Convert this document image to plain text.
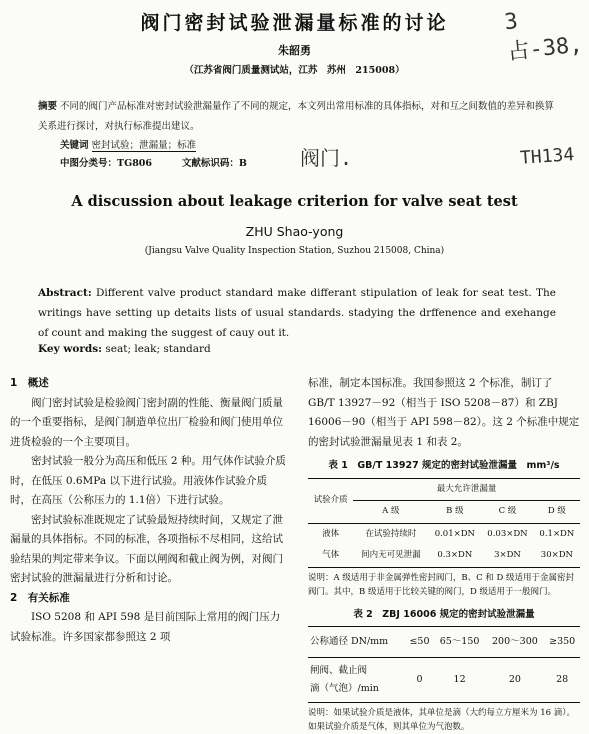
阀门密封试验泄漏量标准的讨论	3占-38,
朱韶勇
（江苏省阀门质量测试站，江苏　苏州　215008）
摘要 不同的阀门产品标准对密封试验泄漏量作了不同的规定，本文列出常用标准的具体指标，对和互之间数值的差异和换算关系进行探讨，对执行标准提出建议。
关键词 密封试验；泄漏量；标准
中图分类号：TG806	文献标识码：B	阀门.	TH134
A discussion about leakage criterion for valve seat test
ZHU Shao-yong
(Jiangsu Valve Quality Inspection Station, Suzhou 215008, China)
Abstract: Different valve product standard make differant stipulation of leak for seat test. The writings have setting up detaits lists of usual standards. stadying the drffenence and exehange of count and making the suggest of cauy out it.
Key words: seat; leak; standard

1　概述

阀门密封试验是检验阀门密封副的性能、衡量阀门质量的一个重要指标，是阀门制造单位出厂检验和阀门使用单位进货检验的一个主要项目。

密封试验一般分为高压和低压 2 种。用气体作试验介质时，在低压 0.6MPa 以下进行试验。用液体作试验介质时，在高压（公称压力的 1.1倍）下进行试验。

密封试验标准既规定了试验最短持续时间，又规定了泄漏量的具体指标。不同的标准，各项指标不尽相同，这给试验结果的判定带来争议。下面以闸阀和截止阀为例，对阀门密封试验的泄漏量进行分析和讨论。

2　有关标准

ISO 5208 和 API 598 是目前国际上常用的阀门压力试验标准。许多国家都参照这 2 项

标准，制定本国标准。我国参照这 2 个标准，制订了 GB/T 13927－92（相当于 ISO 5208－87）和 ZBJ 16006－90（相当于 API 598－82）。这 2 个标准中规定的密封试验泄漏量见表 1 和表 2。

表 1　GB/T 13927 规定的密封试验泄漏量　mm³/s
试验介质	最大允许泄漏量			
	A 级	B 级	C 级	D 级
液体	在试验持续时	0.01×DN	0.03×DN	0.1×DN
气体	间内无可见泄漏	0.3×DN	3×DN	30×DN
说明：A 级适用于非金属弹性密封阀门，B、C 和 D 级适用于金属密封阀门。其中，B 级适用于比较关键的阀门，D 级适用于一般阀门。
表 2　ZBJ 16006 规定的密封试验泄漏量
公称通径 DN/mm	≤50	65～150	200～300	≥350

闸阀、截止阀
滴（气泡）/min	0	12	20	28
说明：如果试验介质是液体，其单位是滴（大约每立方厘米为 16 滴）。如果试验介质是气体，则其单位为气泡数。
